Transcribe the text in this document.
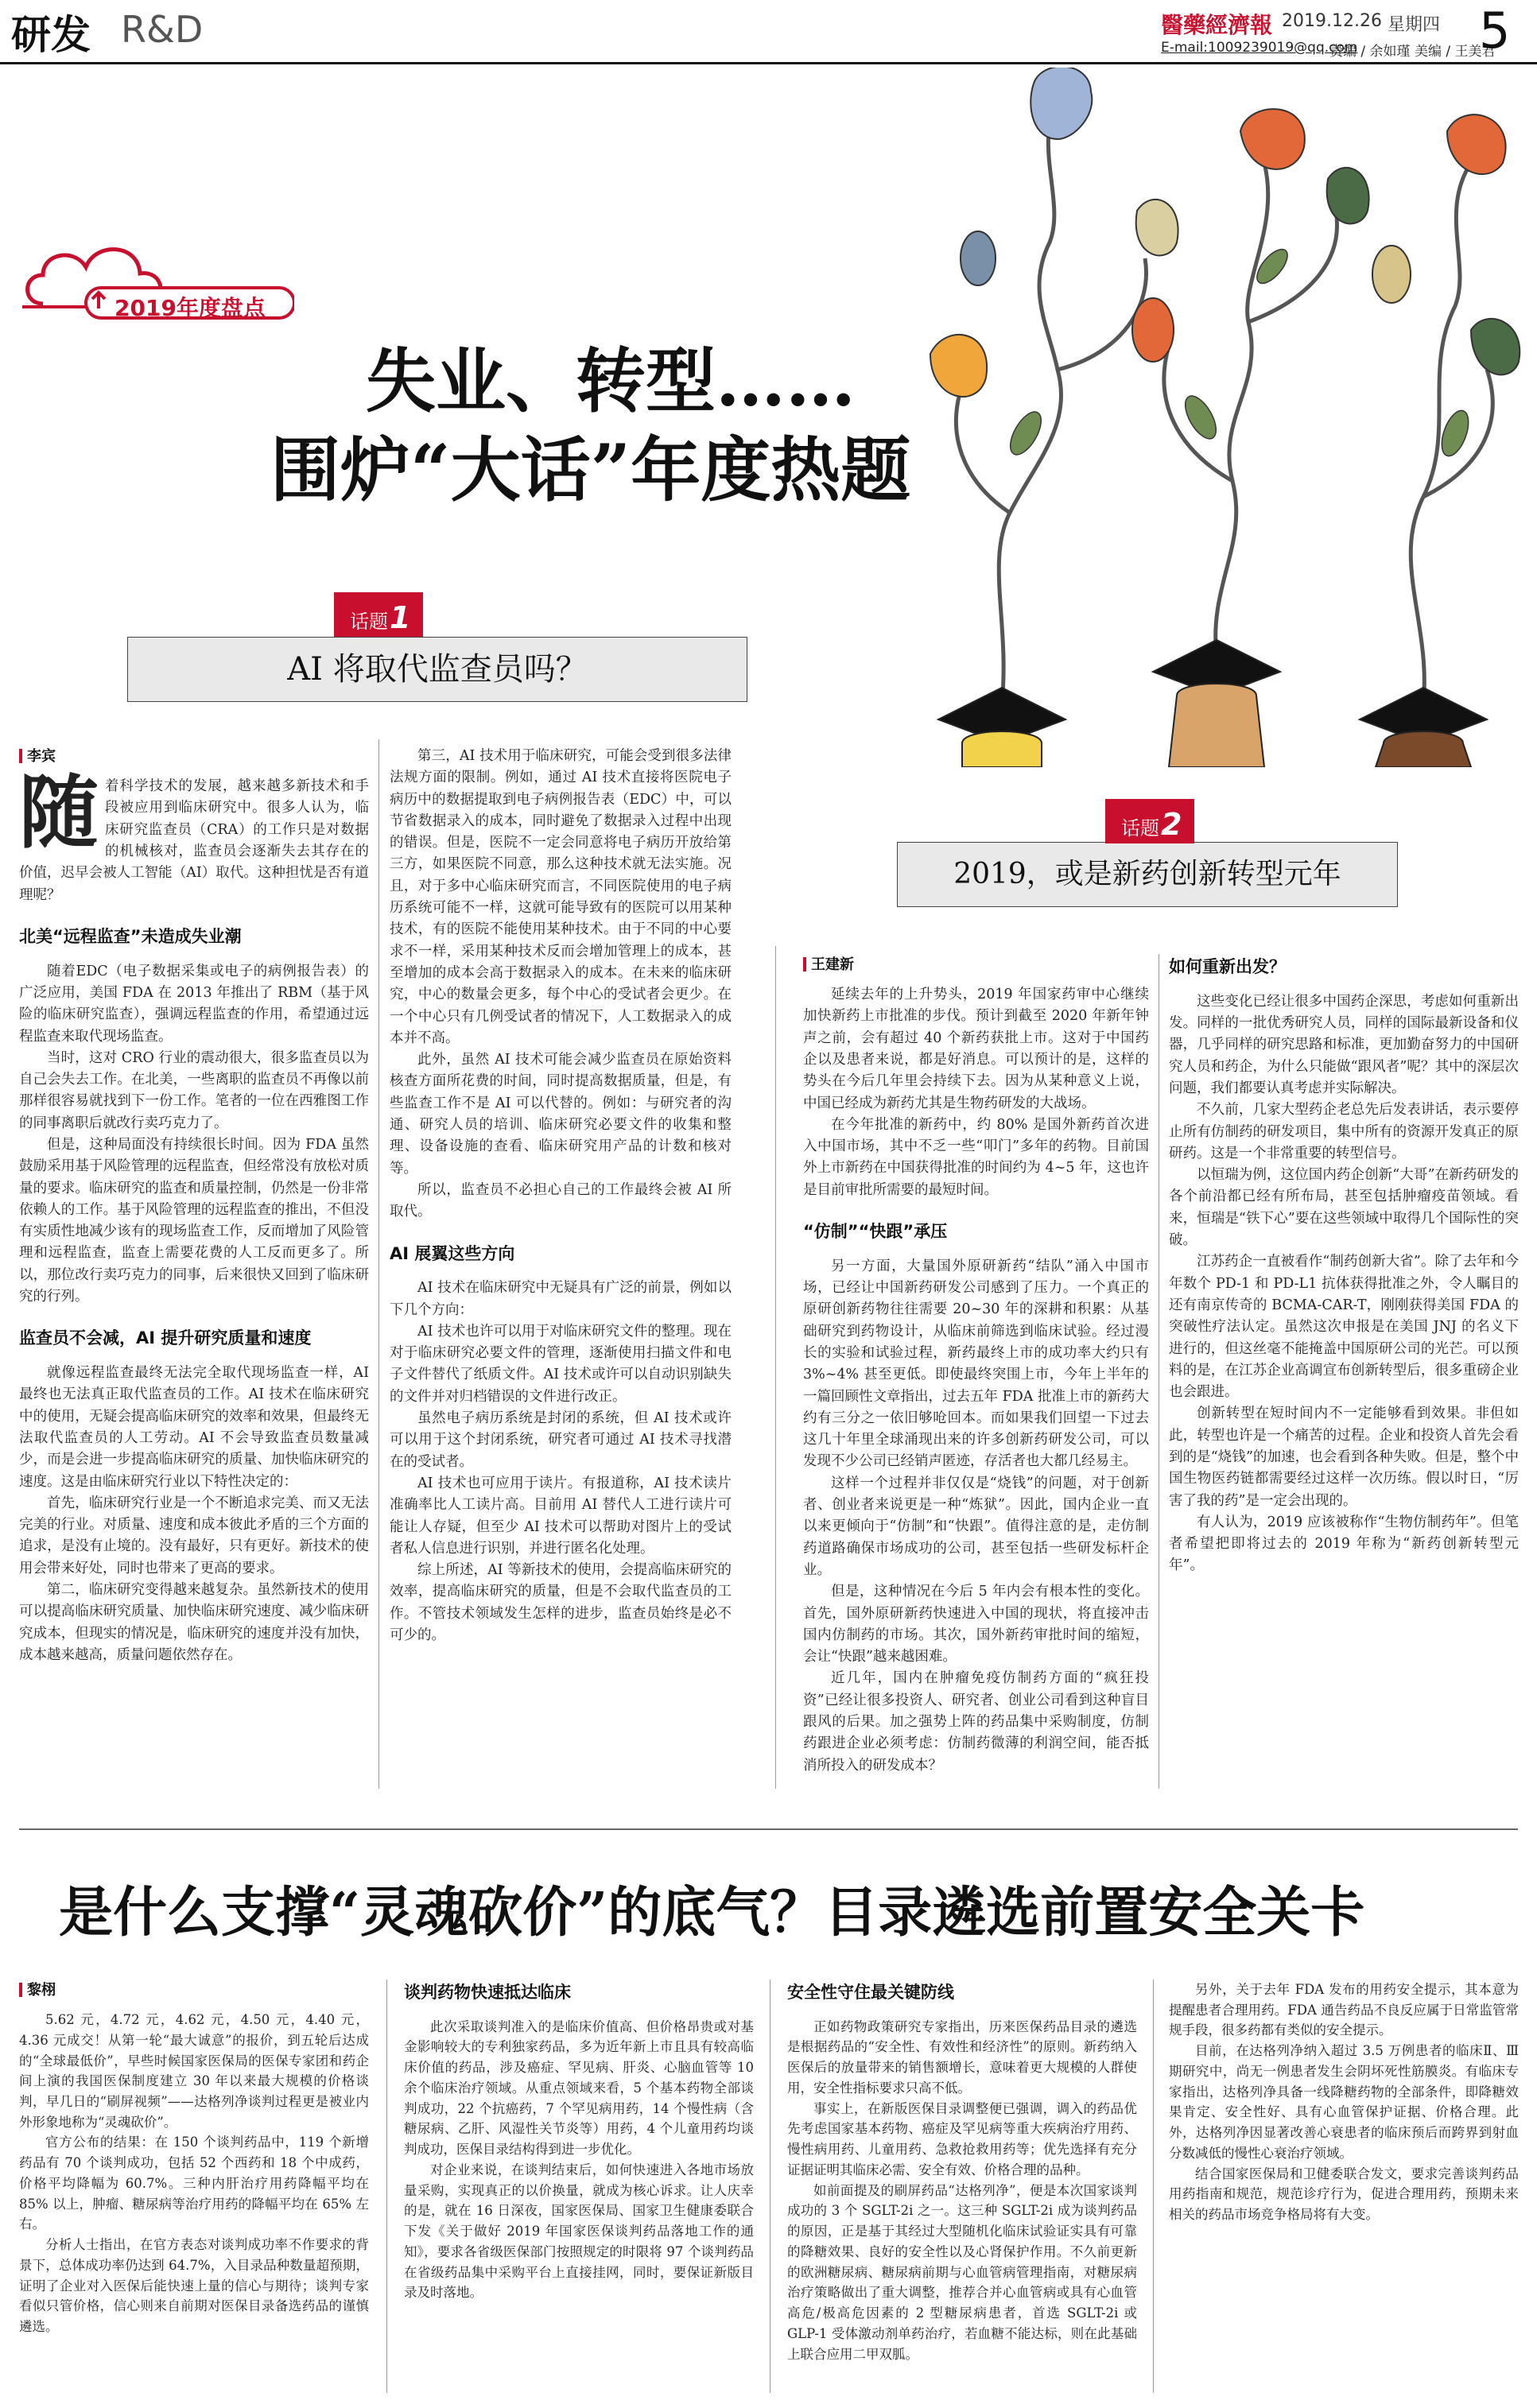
研发 R&D	醫藥經濟報 2019.12.26 星期四
E-mail:1009239019@qq.com
责编 / 余如瑾 美编 / 王美君
5
2019年度盘点
失业、转型……
围炉“大话”年度热题
AI 将取代监查员吗？
话题1
李宾
随着科学技术的发展，越来越多新技术和手段被应用到临床研究中。很多人认为，临床研究监查员（CRA）的工作只是对数据的机械核对，监查员会逐渐失去其存在的价值，迟早会被人工智能（AI）取代。这种担忧是否有道理呢？
北美“远程监查”未造成失业潮

随着EDC（电子数据采集或电子的病例报告表）的广泛应用，美国 FDA 在 2013 年推出了 RBM（基于风险的临床研究监查），强调远程监查的作用，希望通过远程监查来取代现场监查。

当时，这对 CRO 行业的震动很大，很多监查员以为自己会失去工作。在北美，一些离职的监查员不再像以前那样很容易就找到下一份工作。笔者的一位在西雅图工作的同事离职后就改行卖巧克力了。

但是，这种局面没有持续很长时间。因为 FDA 虽然鼓励采用基于风险管理的远程监查，但经常没有放松对质量的要求。临床研究的监查和质量控制，仍然是一份非常依赖人的工作。基于风险管理的远程监查的推出，不但没有实质性地减少该有的现场监查工作，反而增加了风险管理和远程监查，监查上需要花费的人工反而更多了。所以，那位改行卖巧克力的同事，后来很快又回到了临床研究的行列。

监查员不会减，AI 提升研究质量和速度

就像远程监查最终无法完全取代现场监查一样，AI 最终也无法真正取代监查员的工作。AI 技术在临床研究中的使用，无疑会提高临床研究的效率和效果，但最终无法取代监查员的人工劳动。AI 不会导致监查员数量减少，而是会进一步提高临床研究的质量、加快临床研究的速度。这是由临床研究行业以下特性决定的：

首先，临床研究行业是一个不断追求完美、而又无法完美的行业。对质量、速度和成本彼此矛盾的三个方面的追求，是没有止境的。没有最好，只有更好。新技术的使用会带来好处，同时也带来了更高的要求。

第二，临床研究变得越来越复杂。虽然新技术的使用可以提高临床研究质量、加快临床研究速度、减少临床研究成本，但现实的情况是，临床研究的速度并没有加快，成本越来越高，质量问题依然存在。

第三，AI 技术用于临床研究，可能会受到很多法律法规方面的限制。例如，通过 AI 技术直接将医院电子病历中的数据提取到电子病例报告表（EDC）中，可以节省数据录入的成本，同时避免了数据录入过程中出现的错误。但是，医院不一定会同意将电子病历开放给第三方，如果医院不同意，那么这种技术就无法实施。况且，对于多中心临床研究而言，不同医院使用的电子病历系统可能不一样，这就可能导致有的医院可以用某种技术，有的医院不能使用某种技术。由于不同的中心要求不一样，采用某种技术反而会增加管理上的成本，甚至增加的成本会高于数据录入的成本。在未来的临床研究，中心的数量会更多，每个中心的受试者会更少。在一个中心只有几例受试者的情况下，人工数据录入的成本并不高。

此外，虽然 AI 技术可能会减少监查员在原始资料核查方面所花费的时间，同时提高数据质量，但是，有些监查工作不是 AI 可以代替的。例如：与研究者的沟通、研究人员的培训、临床研究必要文件的收集和整理、设备设施的查看、临床研究用产品的计数和核对等。

所以，监查员不必担心自己的工作最终会被 AI 所取代。

AI 展翼这些方向

AI 技术在临床研究中无疑具有广泛的前景，例如以下几个方向：

AI 技术也许可以用于对临床研究文件的整理。现在对于临床研究必要文件的管理，逐渐使用扫描文件和电子文件替代了纸质文件。AI 技术或许可以自动识别缺失的文件并对归档错误的文件进行改正。

虽然电子病历系统是封闭的系统，但 AI 技术或许可以用于这个封闭系统，研究者可通过 AI 技术寻找潜在的受试者。

AI 技术也可应用于读片。有报道称，AI 技术读片准确率比人工读片高。目前用 AI 替代人工进行读片可能让人存疑，但至少 AI 技术可以帮助对图片上的受试者私人信息进行识别，并进行匿名化处理。

综上所述，AI 等新技术的使用，会提高临床研究的效率，提高临床研究的质量，但是不会取代监查员的工作。不管技术领域发生怎样的进步，监查员始终是必不可少的。

2019，或是新药创新转型元年
话题2
王建新

延续去年的上升势头，2019 年国家药审中心继续加快新药上市批准的步伐。预计到截至 2020 年新年钟声之前，会有超过 40 个新药获批上市。这对于中国药企以及患者来说，都是好消息。可以预计的是，这样的势头在今后几年里会持续下去。因为从某种意义上说，中国已经成为新药尤其是生物药研发的大战场。

在今年批准的新药中，约 80% 是国外新药首次进入中国市场，其中不乏一些“叩门”多年的药物。目前国外上市新药在中国获得批准的时间约为 4~5 年，这也许是目前审批所需要的最短时间。

“仿制”“快跟”承压

另一方面，大量国外原研新药“结队”涌入中国市场，已经让中国新药研发公司感到了压力。一个真正的原研创新药物往往需要 20~30 年的深耕和积累：从基础研究到药物设计，从临床前筛选到临床试验。经过漫长的实验和试验过程，新药最终上市的成功率大约只有 3%~4% 甚至更低。即使最终突围上市，今年上半年的一篇回顾性文章指出，过去五年 FDA 批准上市的新药大约有三分之一依旧够呛回本。而如果我们回望一下过去这几十年里全球涌现出来的许多创新药研发公司，可以发现不少公司已经销声匿迹，存活者也大都几经易主。

这样一个过程并非仅仅是“烧钱”的问题，对于创新者、创业者来说更是一种“炼狱”。因此，国内企业一直以来更倾向于“仿制”和“快跟”。值得注意的是，走仿制药道路确保市场成功的公司，甚至包括一些研发标杆企业。

但是，这种情况在今后 5 年内会有根本性的变化。首先，国外原研新药快速进入中国的现状，将直接冲击国内仿制药的市场。其次，国外新药审批时间的缩短，会让“快跟”越来越困难。

近几年，国内在肿瘤免疫仿制药方面的“疯狂投资”已经让很多投资人、研究者、创业公司看到这种盲目跟风的后果。加之强势上阵的药品集中采购制度，仿制药跟进企业必须考虑：仿制药微薄的利润空间，能否抵消所投入的研发成本？

如何重新出发？

这些变化已经让很多中国药企深思，考虑如何重新出发。同样的一批优秀研究人员，同样的国际最新设备和仪器，几乎同样的研究思路和标准，更加勤奋努力的中国研究人员和药企，为什么只能做“跟风者”呢？其中的深层次问题，我们都要认真考虑并实际解决。

不久前，几家大型药企老总先后发表讲话，表示要停止所有仿制药的研发项目，集中所有的资源开发真正的原研药。这是一个非常重要的转型信号。

以恒瑞为例，这位国内药企创新“大哥”在新药研发的各个前沿都已经有所布局，甚至包括肿瘤疫苗领域。看来，恒瑞是“铁下心”要在这些领域中取得几个国际性的突破。

江苏药企一直被看作“制药创新大省”。除了去年和今年数个 PD-1 和 PD-L1 抗体获得批准之外，令人瞩目的还有南京传奇的 BCMA-CAR-T，刚刚获得美国 FDA 的突破性疗法认定。虽然这次申报是在美国 JNJ 的名义下进行的，但这丝毫不能掩盖中国原研公司的光芒。可以预料的是，在江苏企业高调宣布创新转型后，很多重磅企业也会跟进。

创新转型在短时间内不一定能够看到效果。非但如此，转型也许是一个痛苦的过程。企业和投资人首先会看到的是“烧钱”的加速，也会看到各种失败。但是，整个中国生物医药链都需要经过这样一次历练。假以时日，“厉害了我的药”是一定会出现的。

有人认为，2019 应该被称作“生物仿制药年”。但笔者希望把即将过去的 2019 年称为“新药创新转型元年”。

是什么支撑“灵魂砍价”的底气？目录遴选前置安全关卡
黎栩

5.62 元，4.72 元，4.62 元，4.50 元，4.40 元，4.36 元成交！从第一轮“最大诚意”的报价，到五轮后达成的“全球最低价”，早些时候国家医保局的医保专家团和药企间上演的我国医保制度建立 30 年以来最大规模的价格谈判，早几日的“刷屏视频”——达格列净谈判过程更是被业内外形象地称为“灵魂砍价”。

官方公布的结果：在 150 个谈判药品中，119 个新增药品有 70 个谈判成功，包括 52 个西药和 18 个中成药，价格平均降幅为 60.7%。三种内肝治疗用药降幅平均在 85% 以上，肿瘤、糖尿病等治疗用药的降幅平均在 65% 左右。

分析人士指出，在官方表态对谈判成功率不作要求的背景下，总体成功率仍达到 64.7%，入目录品种数量超预期，证明了企业对入医保后能快速上量的信心与期待；谈判专家看似只管价格，信心则来自前期对医保目录备选药品的谨慎遴选。

谈判药物快速抵达临床

此次采取谈判准入的是临床价值高、但价格昂贵或对基金影响较大的专利独家药品，多为近年新上市且具有较高临床价值的药品，涉及癌症、罕见病、肝炎、心脑血管等 10 余个临床治疗领域。从重点领域来看，5 个基本药物全部谈判成功，22 个抗癌药，7 个罕见病用药，14 个慢性病（含糖尿病、乙肝、风湿性关节炎等）用药，4 个儿童用药均谈判成功，医保目录结构得到进一步优化。

对企业来说，在谈判结束后，如何快速进入各地市场放量采购，实现真正的以价换量，就成为核心诉求。让人庆幸的是，就在 16 日深夜，国家医保局、国家卫生健康委联合下发《关于做好 2019 年国家医保谈判药品落地工作的通知》，要求各省级医保部门按照规定的时限将 97 个谈判药品在省级药品集中采购平台上直接挂网，同时，要保证新版目录及时落地。

安全性守住最关键防线

正如药物政策研究专家指出，历来医保药品目录的遴选是根据药品的“安全性、有效性和经济性”的原则。新药纳入医保后的放量带来的销售额增长，意味着更大规模的人群使用，安全性指标要求只高不低。

事实上，在新版医保目录调整便已强调，调入的药品优先考虑国家基本药物、癌症及罕见病等重大疾病治疗用药、慢性病用药、儿童用药、急救抢救用药等；优先选择有充分证据证明其临床必需、安全有效、价格合理的品种。

如前面提及的刷屏药品“达格列净”，便是本次国家谈判成功的 3 个 SGLT-2i 之一。这三种 SGLT-2i 成为谈判药品的原因，正是基于其经过大型随机化临床试验证实具有可靠的降糖效果、良好的安全性以及心肾保护作用。不久前更新的欧洲糖尿病、糖尿病前期与心血管病管理指南，对糖尿病治疗策略做出了重大调整，推荐合并心血管病或具有心血管高危/极高危因素的 2 型糖尿病患者，首选 SGLT-2i 或 GLP-1 受体激动剂单药治疗，若血糖不能达标，则在此基础上联合应用二甲双胍。

另外，关于去年 FDA 发布的用药安全提示，其本意为提醒患者合理用药。FDA 通告药品不良反应属于日常监管常规手段，很多药都有类似的安全提示。

目前，在达格列净纳入超过 3.5 万例患者的临床Ⅱ、Ⅲ期研究中，尚无一例患者发生会阴坏死性筋膜炎。有临床专家指出，达格列净具备一线降糖药物的全部条件，即降糖效果肯定、安全性好、具有心血管保护证据、价格合理。此外，达格列净因显著改善心衰患者的临床预后而跨界到射血分数减低的慢性心衰治疗领域。

结合国家医保局和卫健委联合发文，要求完善谈判药品用药指南和规范，规范诊疗行为，促进合理用药，预期未来相关的药品市场竞争格局将有大变。
